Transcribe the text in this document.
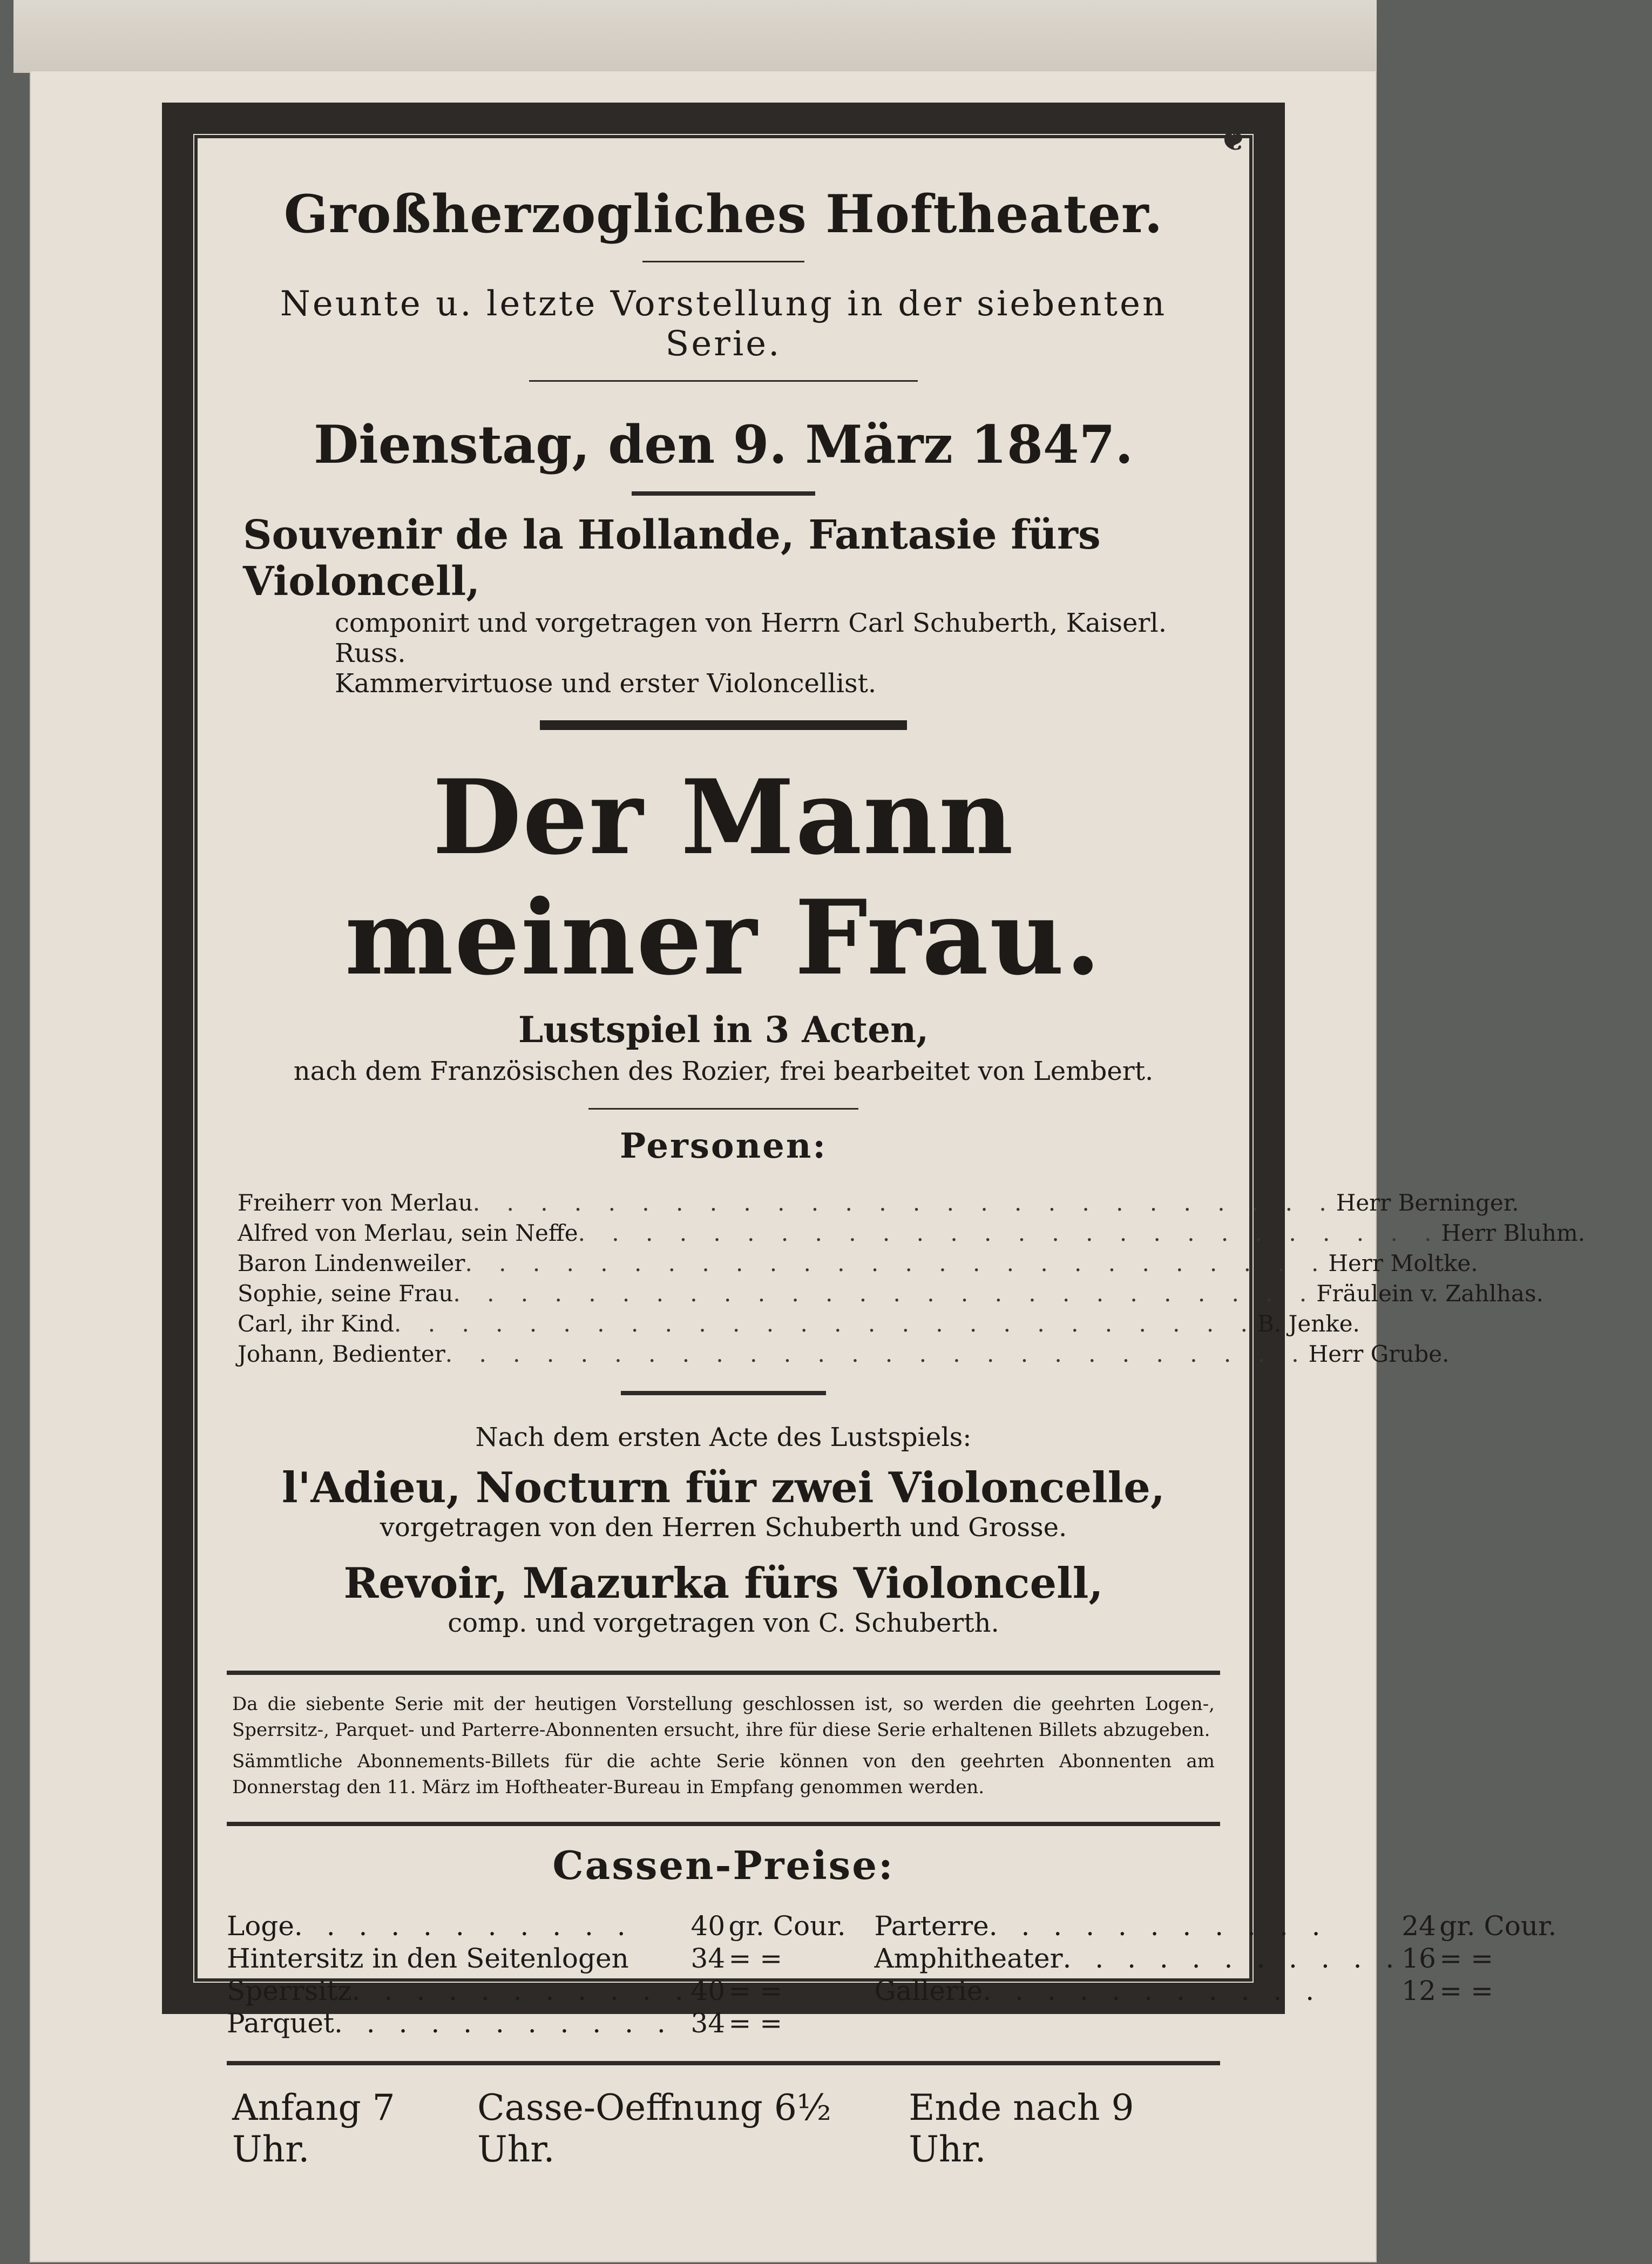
❦
Großherzogliches Hoftheater.
Neunte u. letzte Vorstellung in der siebenten Serie.
Dienstag, den 9. März 1847.
Souvenir de la Hollande, Fantasie fürs Violoncell,
componirt und vorgetragen von Herrn Carl Schuberth, Kaiserl. Russ.
Kammervirtuose und erster Violoncellist.
Der Mann meiner Frau.
Lustspiel in 3 Acten,
nach dem Französischen des Rozier, frei bearbeitet von Lembert.
Personen:
Freiherr von Merlau . . . . . . . . . . . . . . . . . . . . . . . . . . Herr Berninger.
Alfred von Merlau, sein Neffe . . . . . . . . . . . . . . . . . . . . . . . . . . Herr Bluhm.
Baron Lindenweiler . . . . . . . . . . . . . . . . . . . . . . . . . . Herr Moltke.
Sophie, seine Frau . . . . . . . . . . . . . . . . . . . . . . . . . . Fräulein v. Zahlhas.
Carl, ihr Kind . . . . . . . . . . . . . . . . . . . . . . . . . . B. Jenke.
Johann, Bedienter . . . . . . . . . . . . . . . . . . . . . . . . . . Herr Grube.
Nach dem ersten Acte des Lustspiels:
l'Adieu, Nocturn für zwei Violoncelle,
vorgetragen von den Herren Schuberth und Grosse.
Revoir, Mazurka fürs Violoncell,
comp. und vorgetragen von C. Schuberth.
Da die siebente Serie mit der heutigen Vorstellung geschlossen ist, so werden die geehrten Logen-, Sperrsitz-, Parquet- und Parterre-Abonnenten ersucht, ihre für diese Serie erhaltenen Billets abzugeben.
Sämmtliche Abonnements-Billets für die achte Serie können von den geehrten Abonnenten am Donnerstag den 11. März im Hoftheater-Bureau in Empfang genommen werden.
Cassen-Preise:
Loge . . . . . . . . . . .	40 gr. Cour.
Hintersitz in den Seitenlogen 34 = =
Sperrsitz . . . . . . . . . . . 40 = =
Parquet . . . . . . . . . . . 34 = =
Parterre . . . . . . . . . . .	24 gr. Cour.
Amphitheater . . . . . . . . . . . 16 = =
Gallerie . . . . . . . . . . .	12 = =
Anfang 7 Uhr.
Casse-Oeffnung 6½ Uhr.
Ende nach 9 Uhr.
